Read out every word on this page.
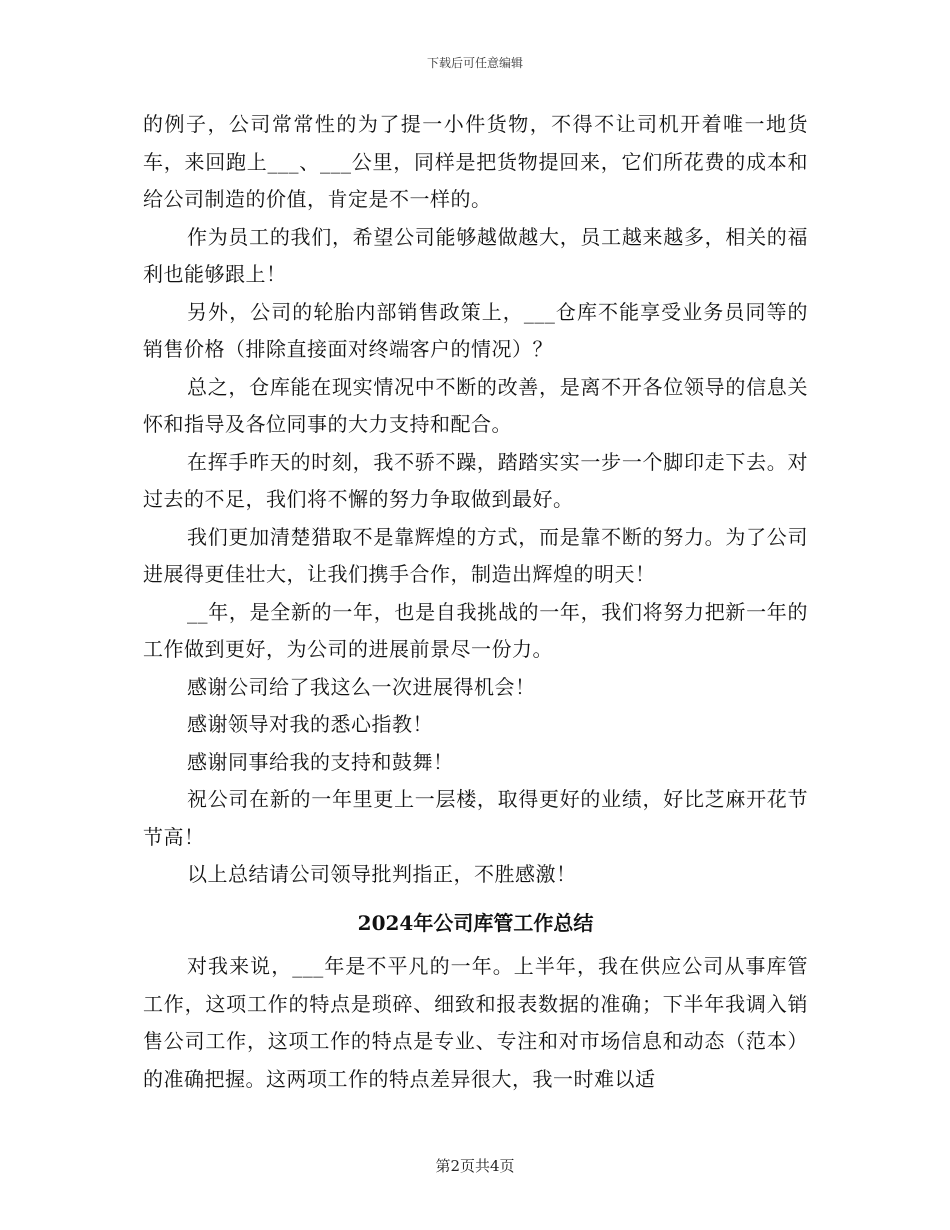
下载后可任意编辑

的例子，公司常常性的为了提一小件货物，不得不让司机开着唯一地货车，来回跑上___、___公里，同样是把货物提回来，它们所花费的成本和给公司制造的价值，肯定是不一样的。

作为员工的我们，希望公司能够越做越大，员工越来越多，相关的福利也能够跟上！

另外，公司的轮胎内部销售政策上，___仓库不能享受业务员同等的销售价格（排除直接面对终端客户的情况）？

总之，仓库能在现实情况中不断的改善，是离不开各位领导的信息关怀和指导及各位同事的大力支持和配合。

在挥手昨天的时刻，我不骄不躁，踏踏实实一步一个脚印走下去。对过去的不足，我们将不懈的努力争取做到最好。

我们更加清楚猎取不是靠辉煌的方式，而是靠不断的努力。为了公司进展得更佳壮大，让我们携手合作，制造出辉煌的明天！

__年，是全新的一年，也是自我挑战的一年，我们将努力把新一年的工作做到更好，为公司的进展前景尽一份力。

感谢公司给了我这么一次进展得机会！

感谢领导对我的悉心指教！

感谢同事给我的支持和鼓舞！

祝公司在新的一年里更上一层楼，取得更好的业绩，好比芝麻开花节节高！

以上总结请公司领导批判指正，不胜感激！

2024年公司库管工作总结

对我来说，___年是不平凡的一年。上半年，我在供应公司从事库管工作，这项工作的特点是琐碎、细致和报表数据的准确；下半年我调入销售公司工作，这项工作的特点是专业、专注和对市场信息和动态（范本）的准确把握。这两项工作的特点差异很大，我一时难以适

第2页共4页
